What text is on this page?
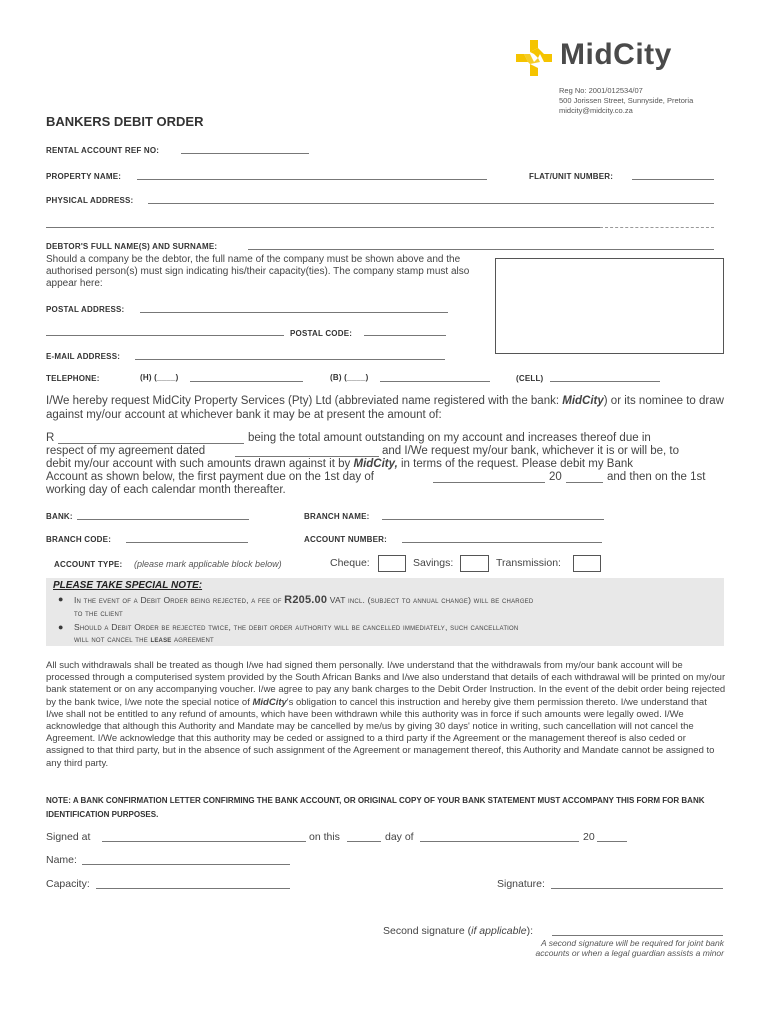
MidCity
Reg No: 2001/012534/07
500 Jorissen Street, Sunnyside, Pretoria
midcity@midcity.co.za
BANKERS DEBIT ORDER
RENTAL ACCOUNT REF NO:
PROPERTY NAME:	FLAT/UNIT NUMBER:
PHYSICAL ADDRESS:
DEBTOR'S FULL NAME(S) AND SURNAME:
Should a company be the debtor, the full name of the company must be shown above and the authorised person(s) must sign indicating his/their capacity(ties). The company stamp must also appear here:
POSTAL ADDRESS:
POSTAL CODE:
E-MAIL ADDRESS:
TELEPHONE:	(H) (____)	(B) (____)	(CELL)
I/We hereby request MidCity Property Services (Pty) Ltd (abbreviated name registered with the bank: MidCity) or its nominee to draw against my/our account at whichever bank it may be at present the amount of:
R	being the total amount outstanding on my account and increases thereof due in
respect of my agreement dated	and I/We request my/our bank, whichever it is or will be, to
debit my/our account with such amounts drawn against it by MidCity, in terms of the request. Please debit my Bank
Account as shown below, the first payment due on the 1st day of	20	and then on the 1st
working day of each calendar month thereafter.
BANK:	BRANCH NAME:
BRANCH CODE:	ACCOUNT NUMBER:
ACCOUNT TYPE: (please mark applicable block below)	Cheque:	Savings:	Transmission:
PLEASE TAKE SPECIAL NOTE:
● In the event of a Debit Order being rejected, a fee of R205.00 VAT incl. (subject to annual change) will be charged
to the client
● Should a Debit Order be rejected twice, the debit order authority will be cancelled immediately, such cancellation
will not cancel the lease agreement
All such withdrawals shall be treated as though I/we had signed them personally. I/we understand that the withdrawals from my/our bank account will be processed through a computerised system provided by the South African Banks and I/we also understand that details of each withdrawal will be printed on my/our bank statement or on any accompanying voucher. I/we agree to pay any bank charges to the Debit Order Instruction. In the event of the debit order being rejected by the bank twice, I/we note the special notice of MidCity's obligation to cancel this instruction and hereby give them permission thereto. I/we understand that I/we shall not be entitled to any refund of amounts, which have been withdrawn while this authority was in force if such amounts were legally owed. I/We acknowledge that although this Authority and Mandate may be cancelled by me/us by giving 30 days' notice in writing, such cancellation will not cancel the Agreement. I/We acknowledge that this authority may be ceded or assigned to a third party if the Agreement or the management thereof is also ceded or assigned to that third party, but in the absence of such assignment of the Agreement or management thereof, this Authority and Mandate cannot be assigned to any third party.
NOTE: A BANK CONFIRMATION LETTER CONFIRMING THE BANK ACCOUNT, OR ORIGINAL COPY OF YOUR BANK STATEMENT MUST ACCOMPANY THIS FORM FOR BANK IDENTIFICATION PURPOSES.
Signed at	on this	day of	20
Name:
Capacity:	Signature:
Second signature (if applicable):
A second signature will be required for joint bank
accounts or when a legal guardian assists a minor
